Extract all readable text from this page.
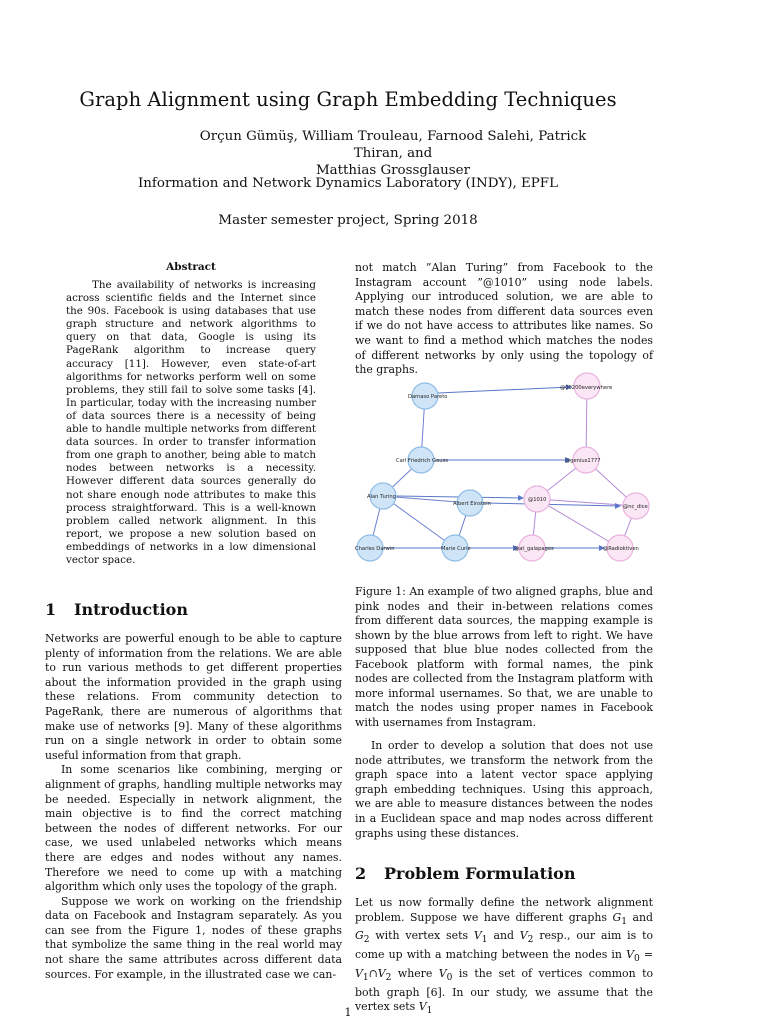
Graph Alignment using Graph Embedding Techniques
Orçun Gümüş, William Trouleau, Farnood Salehi, Patrick Thiran, and
Matthias Grossglauser
Information and Network Dynamics Laboratory (INDY), EPFL
Master semester project, Spring 2018
Abstract
The availability of networks is increasing across scientific fields and the Internet since the 90s. Facebook is using databases that use graph structure and network algorithms to query on that data, Google is using its PageRank algorithm to increase query accuracy [11]. However, even state-of-art algorithms for networks perform well on some problems, they still fail to solve some tasks [4]. In particular, today with the increasing number of data sources there is a necessity of being able to handle multiple networks from different data sources. In order to transfer information from one graph to another, being able to match nodes between networks is a necessity. However different data sources generally do not share enough node attributes to make this process straightforward. This is a well-known problem called network alignment. In this report, we propose a new solution based on embeddings of networks in a low dimensional vector space.
1 Introduction

Networks are powerful enough to be able to capture plenty of information from the relations. We are able to run various methods to get different properties about the information provided in the graph using these relations. From community detection to PageRank, there are numerous of algorithms that make use of networks [9]. Many of these algorithms run on a single network in order to obtain some useful information from that graph.

In some scenarios like combining, merging or alignment of graphs, handling multiple networks may be needed. Especially in network alignment, the main objective is to find the correct matching between the nodes of different networks. For our case, we used unlabeled networks which means there are edges and nodes without any names. Therefore we need to come up with a matching algorithm which only uses the topology of the graph.

Suppose we work on working on the friendship data on Facebook and Instagram separately. As you can see from the Figure 1, nodes of these graphs that symbolize the same thing in the real world may not share the same attributes across different data sources. For example, in the illustrated case we can-

not match ”Alan Turing” from Facebook to the Instagram account ”@1010” using node labels. Applying our introduced solution, we are able to match these nodes from different data sources even if we do not have access to attributes like names. So we want to find a method which matches the nodes of different networks by only using the topology of the graphs.

Damaso Pareto
Carl Friedrich Gauss
Alan Turing
Albert Einstein
Charles Darwin	Marie Curie
@00200everywhere
@genius1777
@1010
@nc_dice
@at_galapagos	@Radioktiven
Figure 1: An example of two aligned graphs, blue and pink nodes and their in-between relations comes from different data sources, the mapping example is shown by the blue arrows from left to right. We have supposed that blue blue nodes collected from the Facebook platform with formal names, the pink nodes are collected from the Instagram platform with more informal usernames. So that, we are unable to match the nodes using proper names in Facebook with usernames from Instagram.

In order to develop a solution that does not use node attributes, we transform the network from the graph space into a latent vector space applying graph embedding techniques. Using this approach, we are able to measure distances between the nodes in a Euclidean space and map nodes across different graphs using these distances.

2 Problem Formulation

Let us now formally define the network alignment problem. Suppose we have different graphs $G_1$ and $G_2$ with vertex sets $V_1$ and $V_2$ resp., our aim is to come up with a matching between the nodes in $V_0$ = $V_1\cap V_2$ where $V_0$ is the set of vertices common to both graph [6]. In our study, we assume that the vertex sets $V_1$

1
